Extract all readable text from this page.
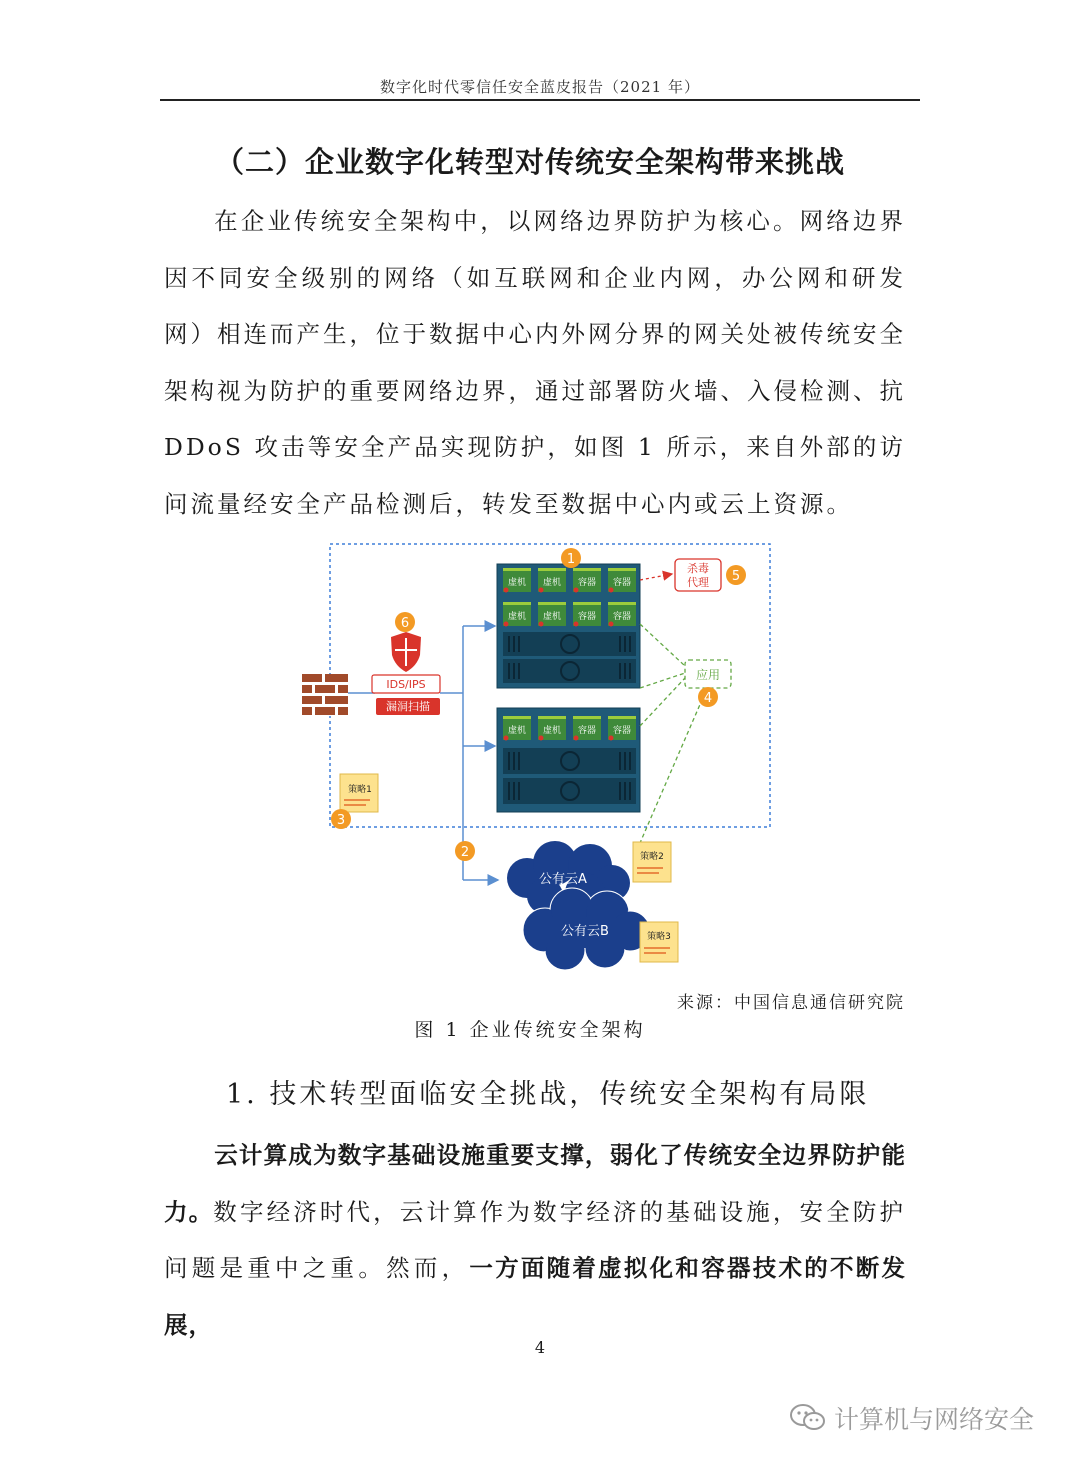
数字化时代零信任安全蓝皮报告（2021 年）
（二）企业数字化转型对传统安全架构带来挑战
在企业传统安全架构中，以网络边界防护为核心。网络边界因不同安全级别的网络（如互联网和企业内网，办公网和研发网）相连而产生，位于数据中心内外网分界的网关处被传统安全架构视为防护的重要网络边界，通过部署防火墙、入侵检测、抗 DDoS 攻击等安全产品实现防护，如图 1 所示，来自外部的访问流量经安全产品检测后，转发至数据中心内或云上资源。
IDS/IPS
漏洞扫描
虚机 虚机 容器 容器
虚机 虚机 容器 容器
虚机 虚机 容器 容器
杀毒
代理
应用
公有云A
公有云B
策略1
策略2
策略3
1
2
3
4
5
6
来源：中国信息通信研究院
图 1 企业传统安全架构
1. 技术转型面临安全挑战，传统安全架构有局限
云计算成为数字基础设施重要支撑，弱化了传统安全边界防护能力。数字经济时代，云计算作为数字经济的基础设施，安全防护问题是重中之重。然而，一方面随着虚拟化和容器技术的不断发展，
4
计算机与网络安全
